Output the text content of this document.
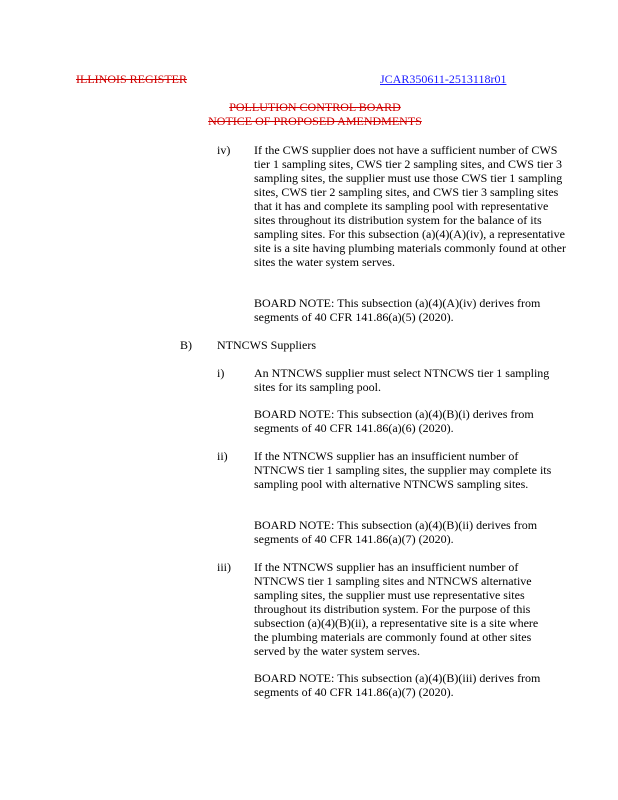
ILLINOIS REGISTER	JCAR350611-2513118r01
POLLUTION CONTROL BOARD
NOTICE OF PROPOSED AMENDMENTS
iv) If the CWS supplier does not have a sufficient number of CWS tier 1 sampling sites, CWS tier 2 sampling sites, and CWS tier 3 sampling sites, the supplier must use those CWS tier 1 sampling sites, CWS tier 2 sampling sites, and CWS tier 3 sampling sites that it has and complete its sampling pool with representative sites throughout its distribution system for the balance of its sampling sites. For this subsection (a)(4)(A)(iv), a representative site is a site having plumbing materials commonly found at other sites the water system serves.

BOARD NOTE: This subsection (a)(4)(A)(iv) derives from segments of 40 CFR 141.86(a)(5) (2020).

B) NTNCWS Suppliers
i) An NTNCWS supplier must select NTNCWS tier 1 sampling sites for its sampling pool.

BOARD NOTE: This subsection (a)(4)(B)(i) derives from segments of 40 CFR 141.86(a)(6) (2020).

ii) If the NTNCWS supplier has an insufficient number of NTNCWS tier 1 sampling sites, the supplier may complete its sampling pool with alternative NTNCWS sampling sites.

BOARD NOTE: This subsection (a)(4)(B)(ii) derives from segments of 40 CFR 141.86(a)(7) (2020).

iii) If the NTNCWS supplier has an insufficient number of NTNCWS tier 1 sampling sites and NTNCWS alternative sampling sites, the supplier must use representative sites throughout its distribution system. For the purpose of this subsection (a)(4)(B)(ii), a representative site is a site where the plumbing materials are commonly found at other sites served by the water system serves.

BOARD NOTE: This subsection (a)(4)(B)(iii) derives from segments of 40 CFR 141.86(a)(7) (2020).
